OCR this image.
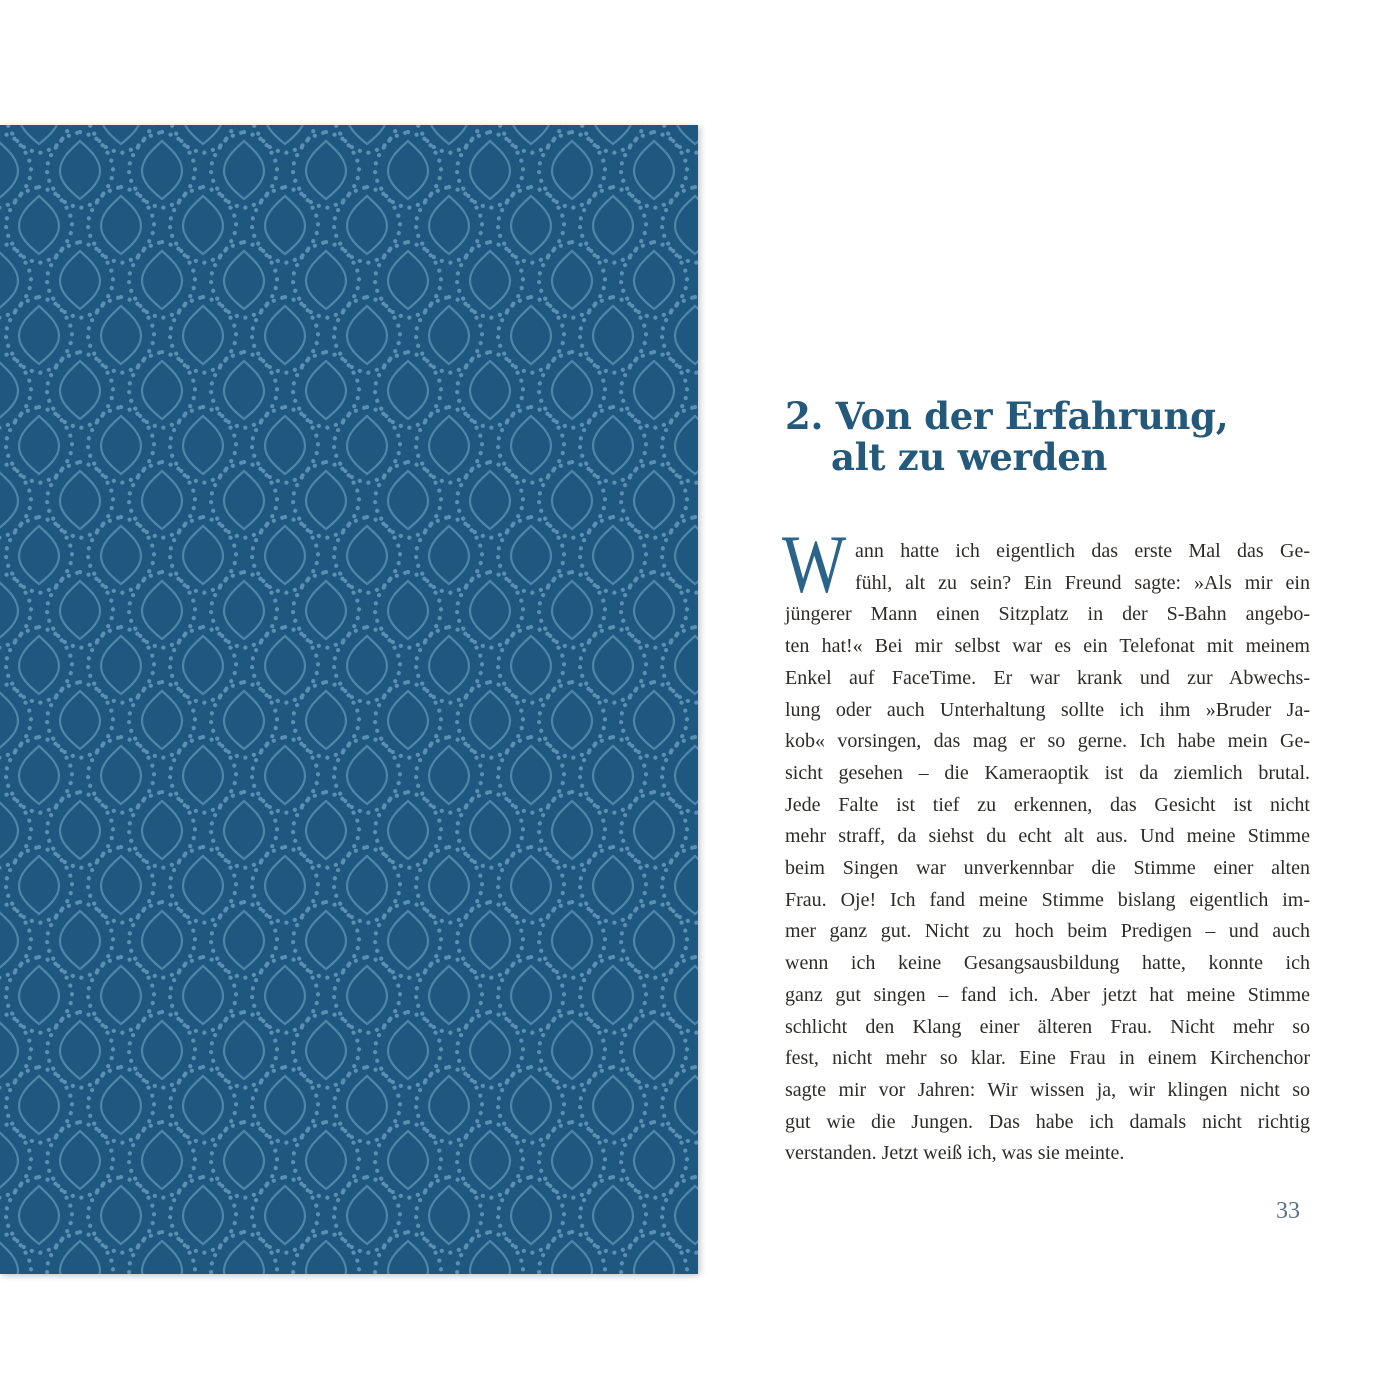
2. Von der Erfahrung,
alt zu werden
W ann hatte ich eigentlich das erste Mal das Ge-
fühl, alt zu sein? Ein Freund sagte: »Als mir ein
jüngerer Mann einen Sitzplatz in der S-Bahn angebo-
ten hat!« Bei mir selbst war es ein Telefonat mit meinem
Enkel auf FaceTime. Er war krank und zur Abwechs-
lung oder auch Unterhaltung sollte ich ihm »Bruder Ja-
kob« vorsingen, das mag er so gerne. Ich habe mein Ge-
sicht gesehen – die Kameraoptik ist da ziemlich brutal.
Jede Falte ist tief zu erkennen, das Gesicht ist nicht
mehr straff, da siehst du echt alt aus. Und meine Stimme
beim Singen war unverkennbar die Stimme einer alten
Frau. Oje! Ich fand meine Stimme bislang eigentlich im-
mer ganz gut. Nicht zu hoch beim Predigen – und auch
wenn ich keine Gesangsausbildung hatte, konnte ich
ganz gut singen – fand ich. Aber jetzt hat meine Stimme
schlicht den Klang einer älteren Frau. Nicht mehr so
fest, nicht mehr so klar. Eine Frau in einem Kirchenchor
sagte mir vor Jahren: Wir wissen ja, wir klingen nicht so
gut wie die Jungen. Das habe ich damals nicht richtig
verstanden. Jetzt weiß ich, was sie meinte.
33
